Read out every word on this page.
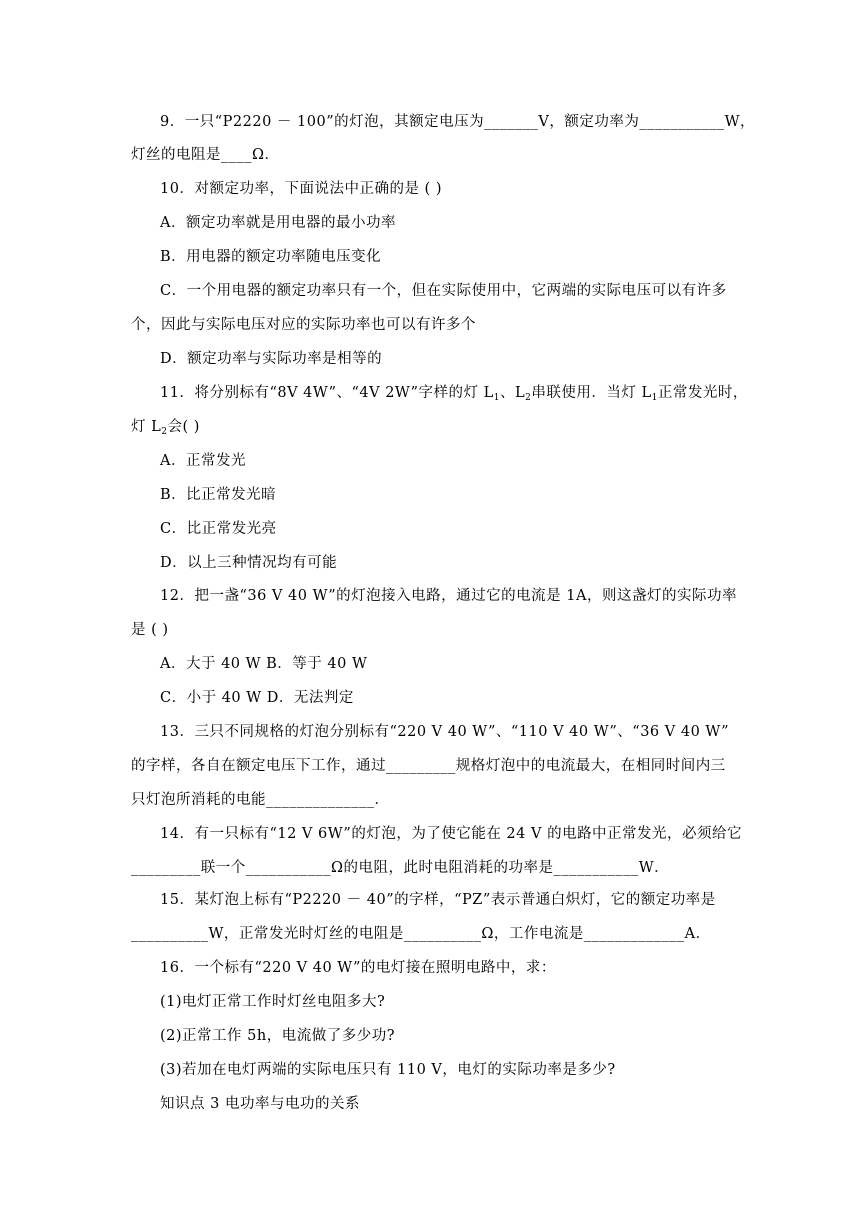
9．一只“P2220 － 100”的灯泡，其额定电压为_______V，额定功率为___________W，
灯丝的电阻是____Ω．
10．对额定功率，下面说法中正确的是 ( )
A．额定功率就是用电器的最小功率
B．用电器的额定功率随电压变化
C．一个用电器的额定功率只有一个，但在实际使用中，它两端的实际电压可以有许多
个，因此与实际电压对应的实际功率也可以有许多个
D．额定功率与实际功率是相等的
11．将分别标有“8V 4W”、“4V 2W”字样的灯 $L_1$、$L_2$串联使用．当灯 $L_1$正常发光时，
灯 $L_2$会( )
A．正常发光
B．比正常发光暗
C．比正常发光亮
D．以上三种情况均有可能
12．把一盏“36 V 40 W”的灯泡接入电路，通过它的电流是 1A，则这盏灯的实际功率
是 ( )
A．大于 40 W B．等于 40 W
C．小于 40 W D．无法判定
13．三只不同规格的灯泡分别标有“220 V 40 W”、“110 V 40 W”、“36 V 40 W”
的字样，各自在额定电压下工作，通过_________规格灯泡中的电流最大，在相同时间内三
只灯泡所消耗的电能______________．
14．有一只标有“12 V 6W”的灯泡，为了使它能在 24 V 的电路中正常发光，必须给它
_________联一个___________Ω的电阻，此时电阻消耗的功率是___________W．
15．某灯泡上标有“P2220 － 40”的字样，“PZ”表示普通白炽灯，它的额定功率是
__________W，正常发光时灯丝的电阻是__________Ω，工作电流是_____________A．
16．一个标有“220 V 40 W”的电灯接在照明电路中，求：
(1)电灯正常工作时灯丝电阻多大?
(2)正常工作 5h，电流做了多少功?
(3)若加在电灯两端的实际电压只有 110 V，电灯的实际功率是多少?
知识点 3 电功率与电功的关系
